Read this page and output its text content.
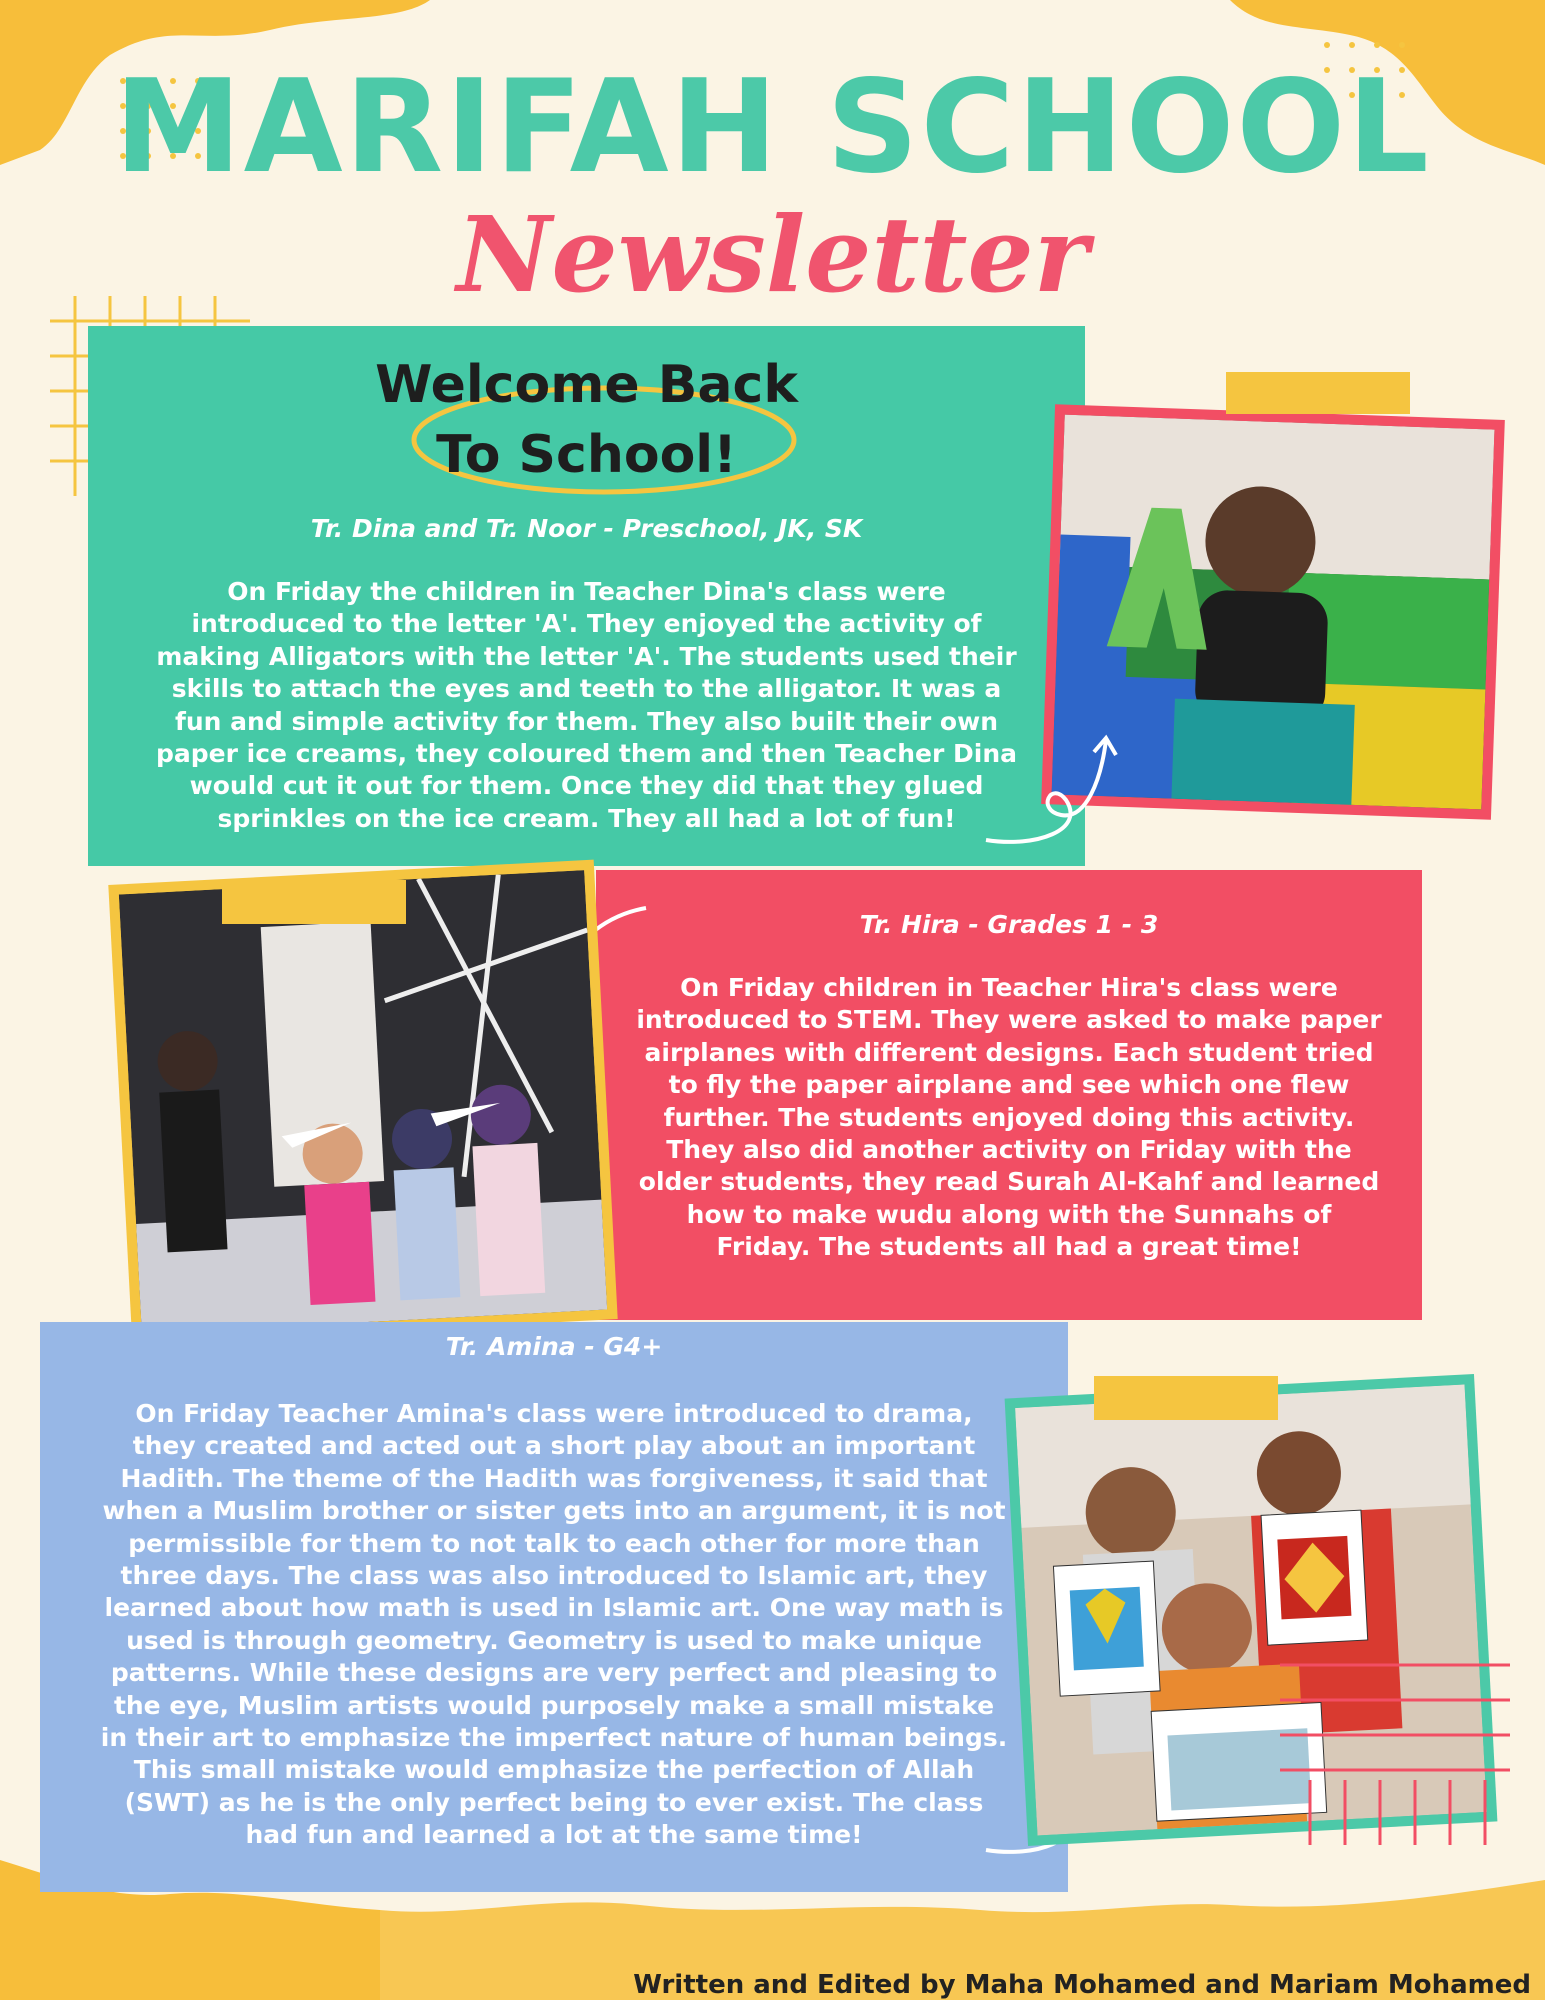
MARIFAH SCHOOL
Newsletter
Welcome Back
To School!
Tr. Dina and Tr. Noor - Preschool, JK, SK
On Friday the children in Teacher Dina's class were
introduced to the letter 'A'. They enjoyed the activity of
making Alligators with the letter 'A'. The students used their
skills to attach the eyes and teeth to the alligator. It was a
fun and simple activity for them. They also built their own
paper ice creams, they coloured them and then Teacher Dina
would cut it out for them. Once they did that they glued
sprinkles on the ice cream. They all had a lot of fun!
Tr. Hira - Grades 1 - 3
On Friday children in Teacher Hira's class were
introduced to STEM. They were asked to make paper
airplanes with different designs. Each student tried
to fly the paper airplane and see which one flew
further. The students enjoyed doing this activity.
They also did another activity on Friday with the
older students, they read Surah Al-Kahf and learned
how to make wudu along with the Sunnahs of
Friday. The students all had a great time!
Tr. Amina - G4+
On Friday Teacher Amina's class were introduced to drama,
they created and acted out a short play about an important
Hadith. The theme of the Hadith was forgiveness, it said that
when a Muslim brother or sister gets into an argument, it is not
permissible for them to not talk to each other for more than
three days. The class was also introduced to Islamic art, they
learned about how math is used in Islamic art. One way math is
used is through geometry. Geometry is used to make unique
patterns. While these designs are very perfect and pleasing to
the eye, Muslim artists would purposely make a small mistake
in their art to emphasize the imperfect nature of human beings.
This small mistake would emphasize the perfection of Allah
(SWT) as he is the only perfect being to ever exist. The class
had fun and learned a lot at the same time!
Written and Edited by Maha Mohamed and Mariam Mohamed
